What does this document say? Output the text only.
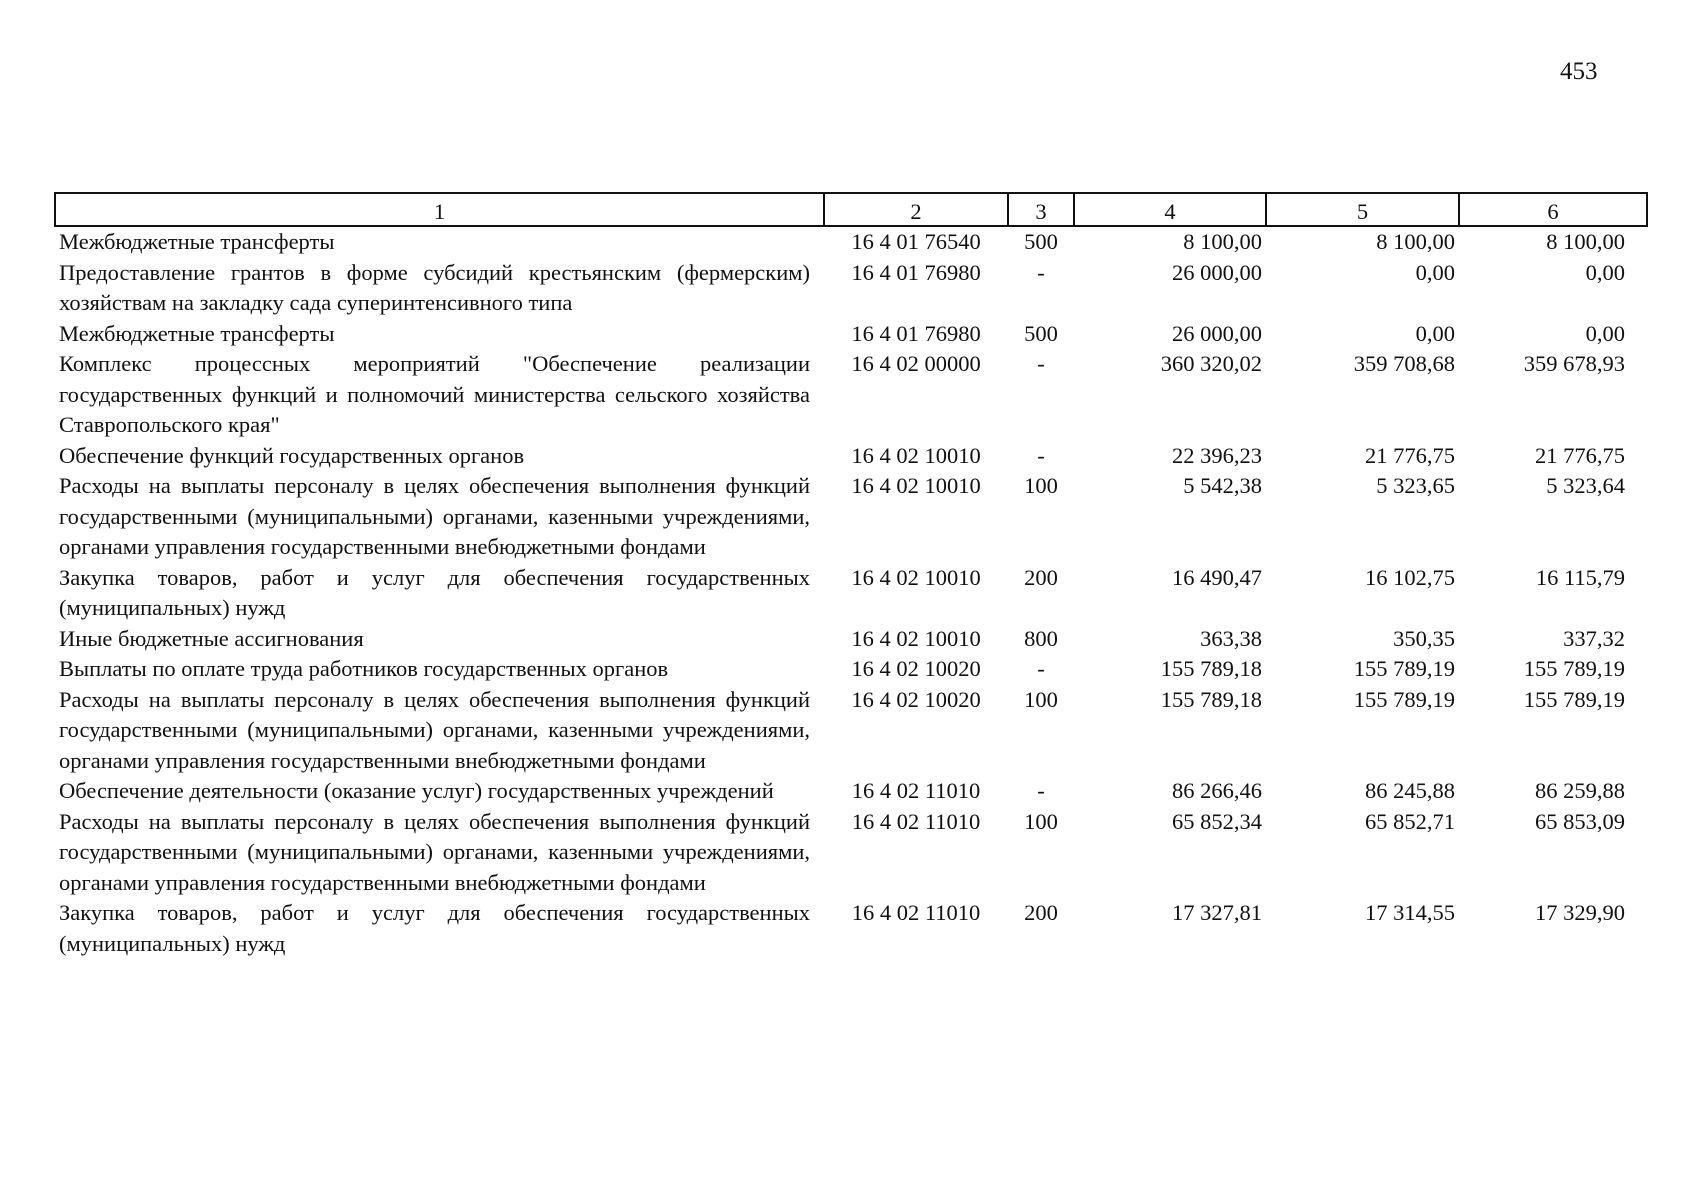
453
1	2	3	4	5	6
Межбюджетные трансферты	16 4 01 76540	500	8 100,00	8 100,00	8 100,00
Предоставление грантов в форме субсидий крестьянским (фермерским) хозяйствам на закладку сада суперинтенсивного типа	16 4 01 76980	-	26 000,00	0,00	0,00
Межбюджетные трансферты	16 4 01 76980	500	26 000,00	0,00	0,00
Комплекс процессных мероприятий "Обеспечение реализации государственных функций и полномочий министерства сельского хозяйства Ставропольского края"	16 4 02 00000	-	360 320,02	359 708,68	359 678,93
Обеспечение функций государственных органов	16 4 02 10010	-	22 396,23	21 776,75	21 776,75
Расходы на выплаты персоналу в целях обеспечения выполнения функций государственными (муниципальными) органами, казенными учреждениями, органами управления государственными внебюджетными фондами	16 4 02 10010	100	5 542,38	5 323,65	5 323,64
Закупка товаров, работ и услуг для обеспечения государственных (муниципальных) нужд	16 4 02 10010	200	16 490,47	16 102,75	16 115,79
Иные бюджетные ассигнования	16 4 02 10010	800	363,38	350,35	337,32
Выплаты по оплате труда работников государственных органов	16 4 02 10020	-	155 789,18	155 789,19	155 789,19
Расходы на выплаты персоналу в целях обеспечения выполнения функций государственными (муниципальными) органами, казенными учреждениями, органами управления государственными внебюджетными фондами	16 4 02 10020	100	155 789,18	155 789,19	155 789,19
Обеспечение деятельности (оказание услуг) государственных учреждений	16 4 02 11010	-	86 266,46	86 245,88	86 259,88
Расходы на выплаты персоналу в целях обеспечения выполнения функций государственными (муниципальными) органами, казенными учреждениями, органами управления государственными внебюджетными фондами	16 4 02 11010	100	65 852,34	65 852,71	65 853,09
Закупка товаров, работ и услуг для обеспечения государственных (муниципальных) нужд	16 4 02 11010	200	17 327,81	17 314,55	17 329,90
